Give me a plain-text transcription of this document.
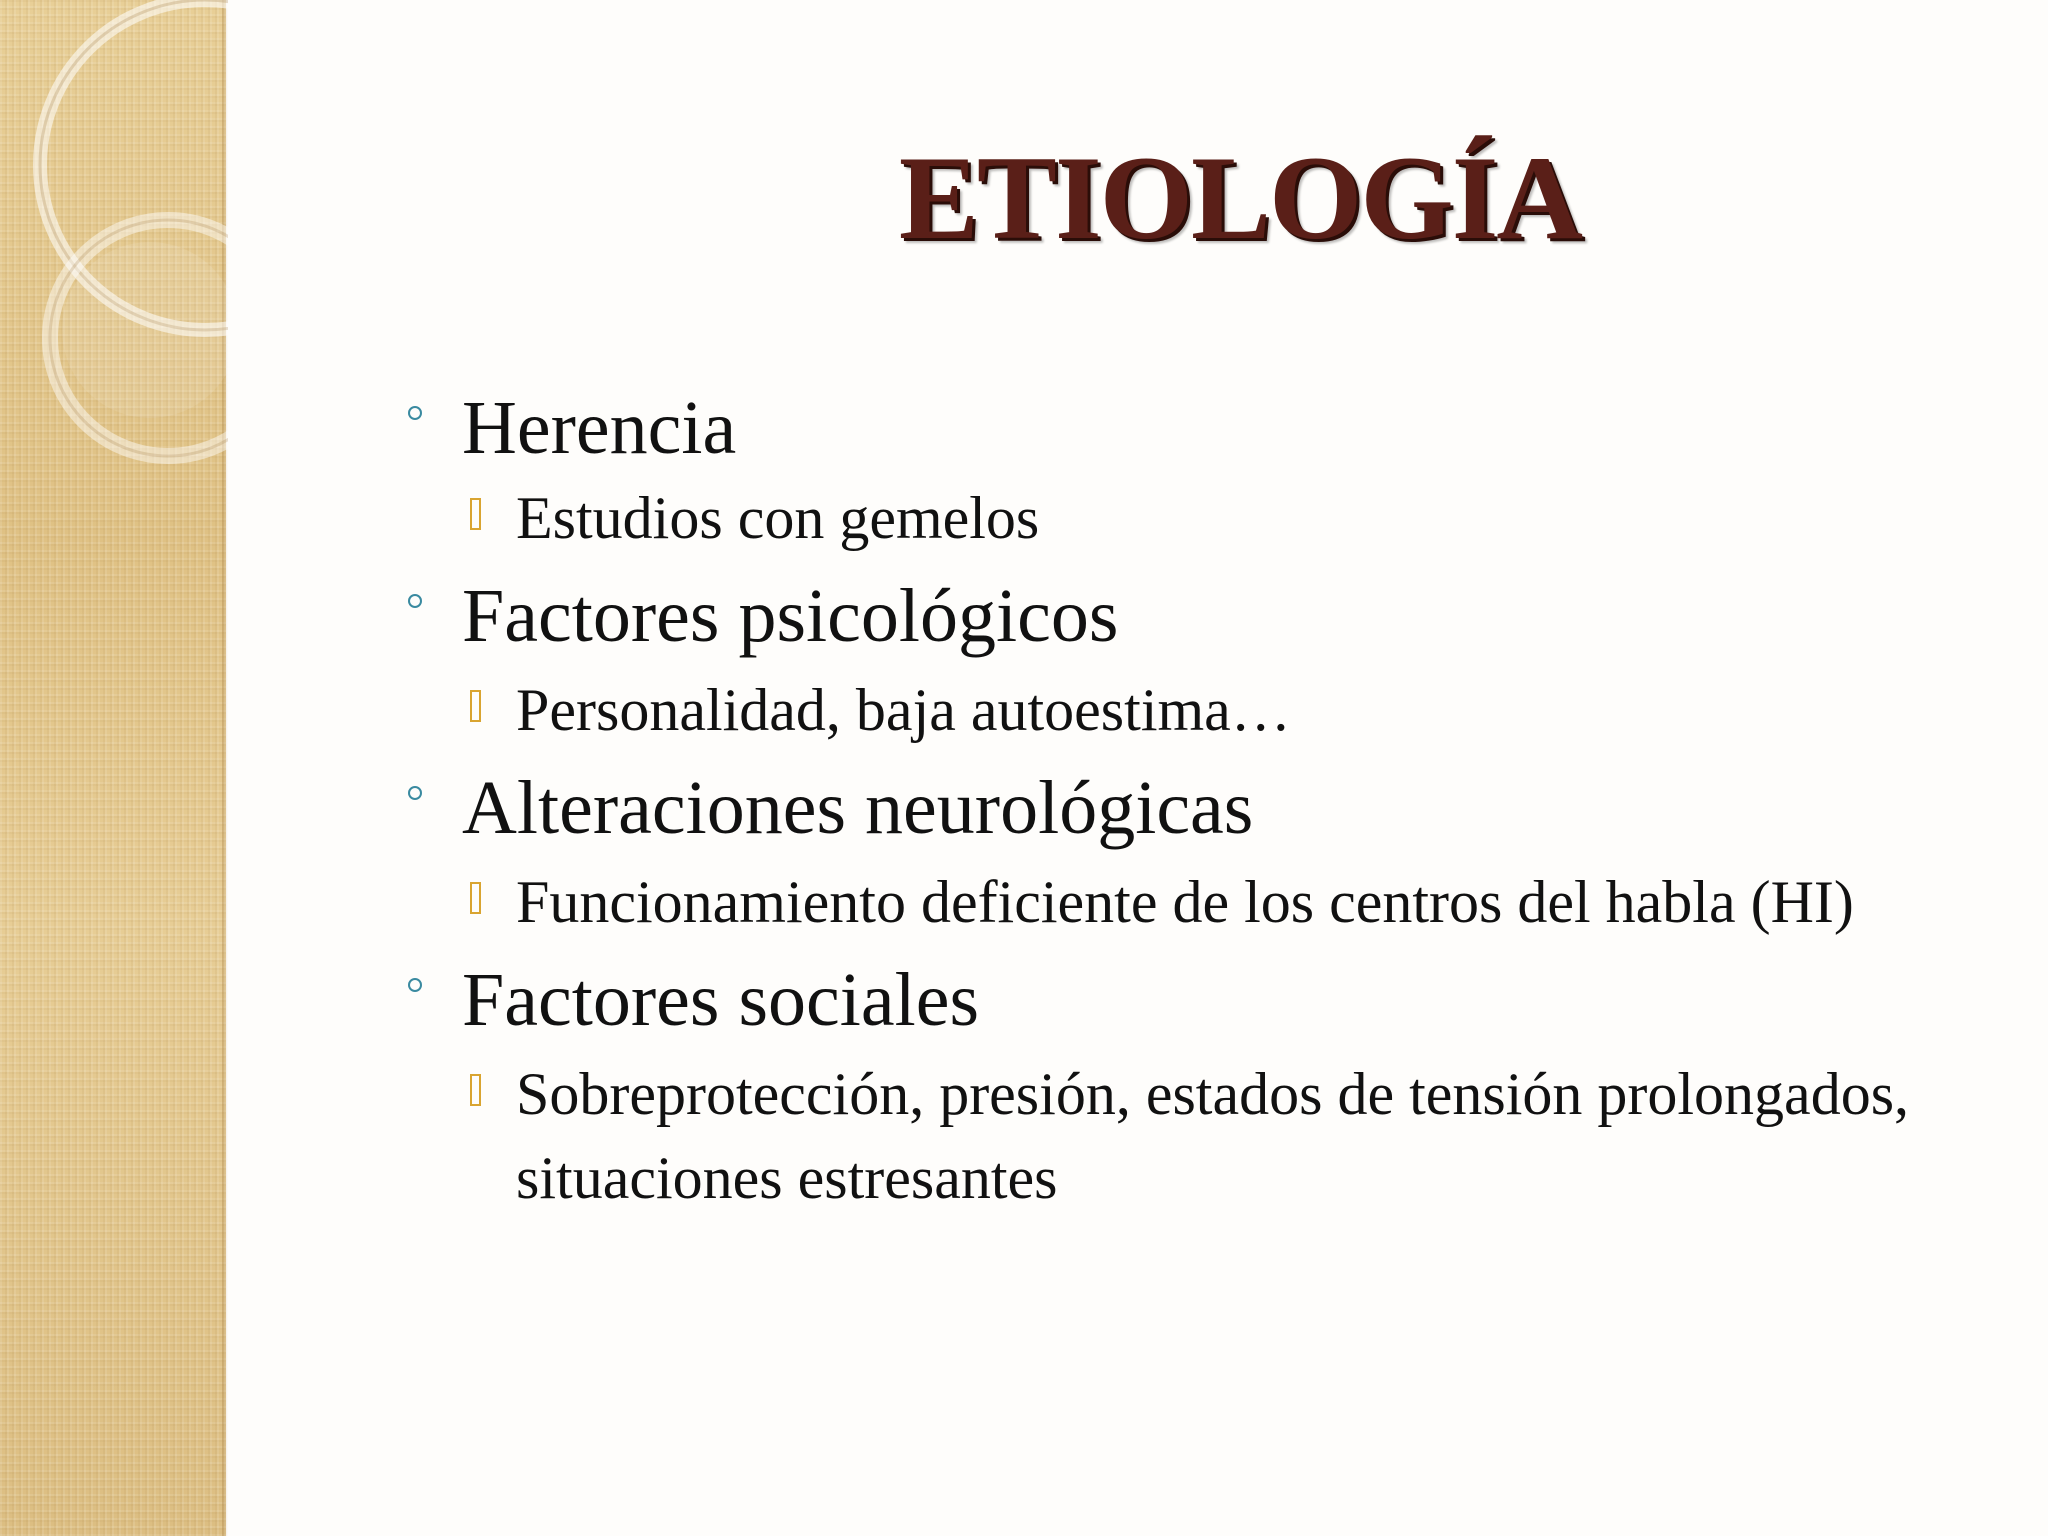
ETIOLOGÍA
Herencia
Estudios con gemelos
Factores psicológicos
Personalidad, baja autoestima…
Alteraciones neurológicas
Funcionamiento deficiente de los centros del habla (HI)
Factores sociales
Sobreprotección, presión, estados de tensión prolongados, situaciones estresantes
